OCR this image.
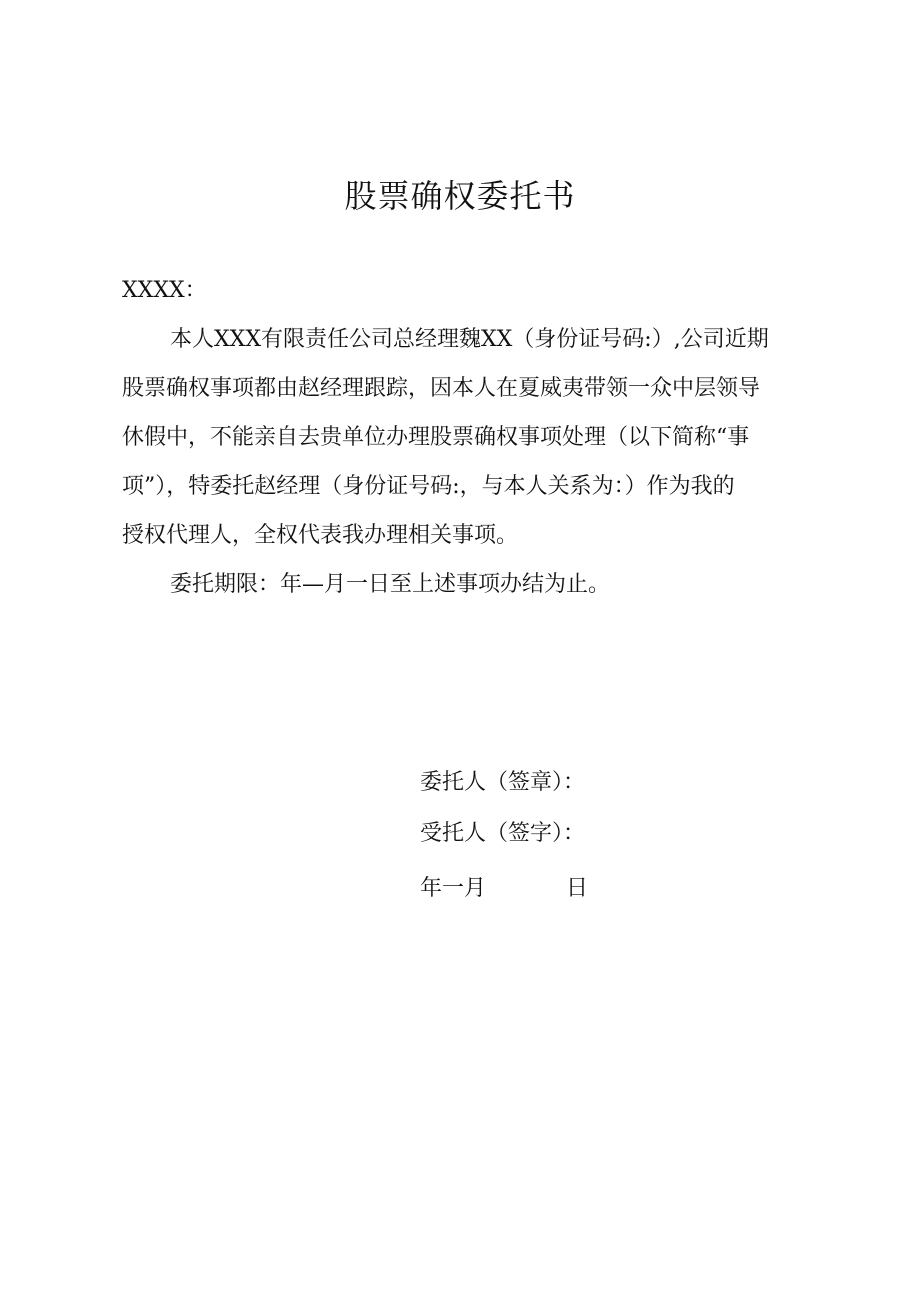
股票确权委托书
XXXX：
本人XXX有限责任公司总经理魏XX（身份证号码:）,公司近期
股票确权事项都由赵经理跟踪，因本人在夏威夷带领一众中层领导
休假中，不能亲自去贵单位办理股票确权事项处理（以下简称“事
项”），特委托赵经理（身份证号码:，与本人关系为：）作为我的
授权代理人，全权代表我办理相关事项。
委托期限：年—月一日至上述事项办结为止。
委托人（签章）：
受托人（签字）：
年一月	日
